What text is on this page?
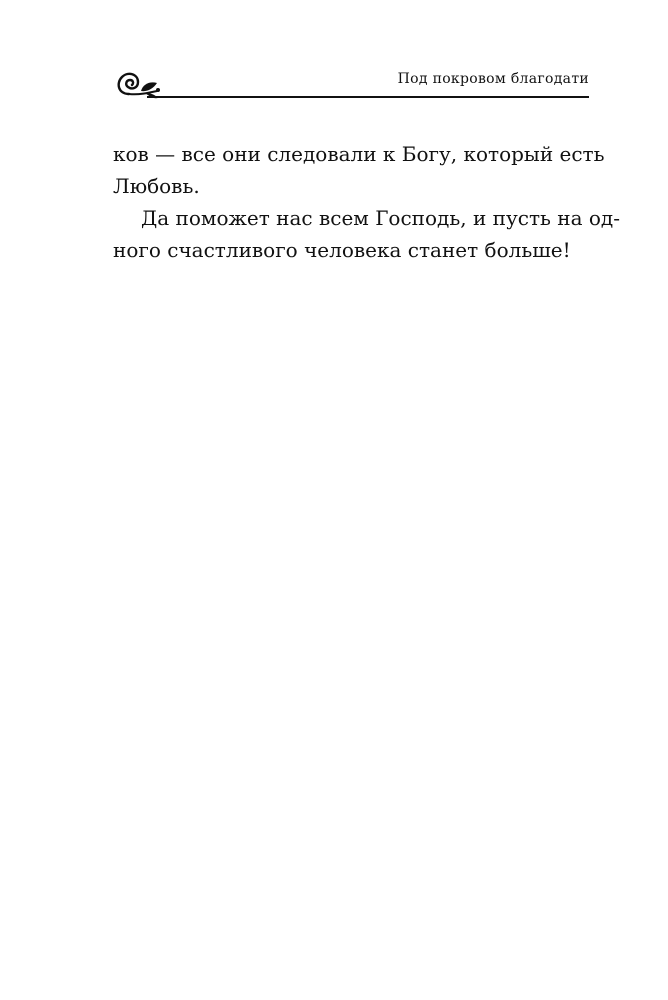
Под покровом благодати

ков — все они следовали к Богу, который есть
Любовь.

Да поможет нас всем Господь, и пусть на од-
ного счастливого человека станет больше!
